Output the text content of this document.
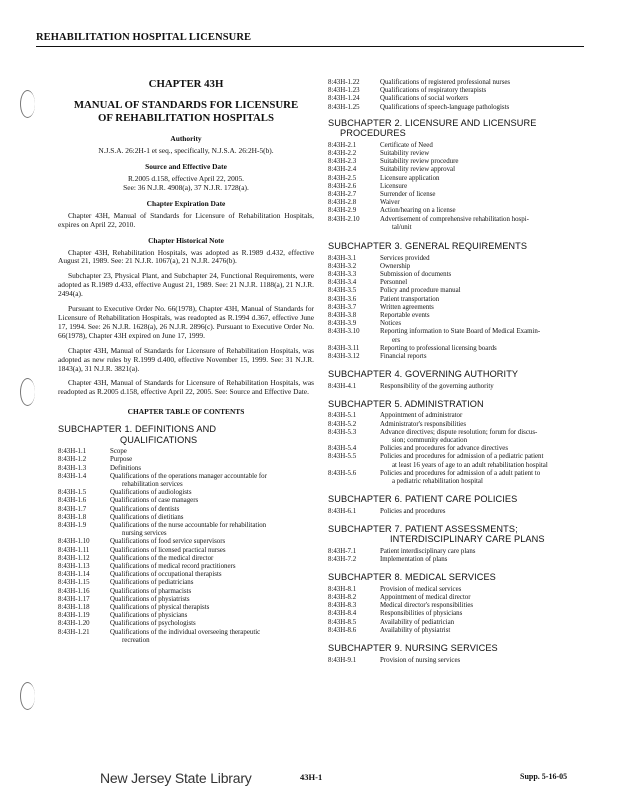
REHABILITATION HOSPITAL LICENSURE
CHAPTER 43H
MANUAL OF STANDARDS FOR LICENSURE
OF REHABILITATION HOSPITALS
Authority
N.J.S.A. 26:2H-1 et seq., specifically, N.J.S.A. 26:2H-5(b).
Source and Effective Date
R.2005 d.158, effective April 22, 2005.
See: 36 N.J.R. 4908(a), 37 N.J.R. 1728(a).
Chapter Expiration Date
Chapter 43H, Manual of Standards for Licensure of Rehabilitation Hospitals, expires on April 22, 2010.
Chapter Historical Note
Chapter 43H, Rehabilitation Hospitals, was adopted as R.1989 d.432, effective August 21, 1989. See: 21 N.J.R. 1067(a), 21 N.J.R. 2476(b).
Subchapter 23, Physical Plant, and Subchapter 24, Functional Requirements, were adopted as R.1989 d.433, effective August 21, 1989. See: 21 N.J.R. 1188(a), 21 N.J.R. 2494(a).
Pursuant to Executive Order No. 66(1978), Chapter 43H, Manual of Standards for Licensure of Rehabilitation Hospitals, was readopted as R.1994 d.367, effective June 17, 1994. See: 26 N.J.R. 1628(a), 26 N.J.R. 2896(c). Pursuant to Executive Order No. 66(1978), Chapter 43H expired on June 17, 1999.
Chapter 43H, Manual of Standards for Licensure of Rehabilitation Hospitals, was adopted as new rules by R.1999 d.400, effective November 15, 1999. See: 31 N.J.R. 1843(a), 31 N.J.R. 3821(a).
Chapter 43H, Manual of Standards for Licensure of Rehabilitation Hospitals, was readopted as R.2005 d.158, effective April 22, 2005. See: Source and Effective Date.
CHAPTER TABLE OF CONTENTS
SUBCHAPTER 1. DEFINITIONS AND
QUALIFICATIONS
8:43H-1.1	Scope
8:43H-1.2	Purpose
8:43H-1.3	Definitions
8:43H-1.4	Qualifications of the operations manager accountable for
rehabilitation services
8:43H-1.5	Qualifications of audiologists
8:43H-1.6	Qualifications of case managers
8:43H-1.7	Qualifications of dentists
8:43H-1.8	Qualifications of dietitians
8:43H-1.9	Qualifications of the nurse accountable for rehabilitation
nursing services
8:43H-1.10	Qualifications of food service supervisors
8:43H-1.11	Qualifications of licensed practical nurses
8:43H-1.12	Qualifications of the medical director
8:43H-1.13	Qualifications of medical record practitioners
8:43H-1.14	Qualifications of occupational therapists
8:43H-1.15	Qualifications of pediatricians
8:43H-1.16	Qualifications of pharmacists
8:43H-1.17	Qualifications of physiatrists
8:43H-1.18	Qualifications of physical therapists
8:43H-1.19	Qualifications of physicians
8:43H-1.20	Qualifications of psychologists
8:43H-1.21	Qualifications of the individual overseeing therapeutic
recreation
8:43H-1.22	Qualifications of registered professional nurses
8:43H-1.23	Qualifications of respiratory therapists
8:43H-1.24	Qualifications of social workers
8:43H-1.25	Qualifications of speech-language pathologists
SUBCHAPTER 2. LICENSURE AND LICENSURE
PROCEDURES
8:43H-2.1	Certificate of Need
8:43H-2.2	Suitability review
8:43H-2.3	Suitability review procedure
8:43H-2.4	Suitability review approval
8:43H-2.5	Licensure application
8:43H-2.6	Licensure
8:43H-2.7	Surrender of license
8:43H-2.8	Waiver
8:43H-2.9	Action/hearing on a license
8:43H-2.10	Advertisement of comprehensive rehabilitation hospi-
tal/unit
SUBCHAPTER 3. GENERAL REQUIREMENTS
8:43H-3.1	Services provided
8:43H-3.2	Ownership
8:43H-3.3	Submission of documents
8:43H-3.4	Personnel
8:43H-3.5	Policy and procedure manual
8:43H-3.6	Patient transportation
8:43H-3.7	Written agreements
8:43H-3.8	Reportable events
8:43H-3.9	Notices
8:43H-3.10	Reporting information to State Board of Medical Examin-
ers
8:43H-3.11	Reporting to professional licensing boards
8:43H-3.12	Financial reports
SUBCHAPTER 4. GOVERNING AUTHORITY
8:43H-4.1	Responsibility of the governing authority
SUBCHAPTER 5. ADMINISTRATION
8:43H-5.1	Appointment of administrator
8:43H-5.2	Administrator's responsibilities
8:43H-5.3	Advance directives; dispute resolution; forum for discus-
sion; community education
8:43H-5.4	Policies and procedures for advance directives
8:43H-5.5	Policies and procedures for admission of a pediatric patient
at least 16 years of age to an adult rehabilitation hospital
8:43H-5.6	Policies and procedures for admission of a adult patient to
a pediatric rehabilitation hospital
SUBCHAPTER 6. PATIENT CARE POLICIES
8:43H-6.1	Policies and procedures
SUBCHAPTER 7. PATIENT ASSESSMENTS;
INTERDISCIPLINARY CARE PLANS
8:43H-7.1	Patient interdisciplinary care plans
8:43H-7.2	Implementation of plans
SUBCHAPTER 8. MEDICAL SERVICES
8:43H-8.1	Provision of medical services
8:43H-8.2	Appointment of medical director
8:43H-8.3	Medical director's responsibilities
8:43H-8.4	Responsibilities of physicians
8:43H-8.5	Availability of pediatrician
8:43H-8.6	Availability of physiatrist
SUBCHAPTER 9. NURSING SERVICES
8:43H-9.1	Provision of nursing services
New Jersey State Library	43H-1	Supp. 5-16-05
